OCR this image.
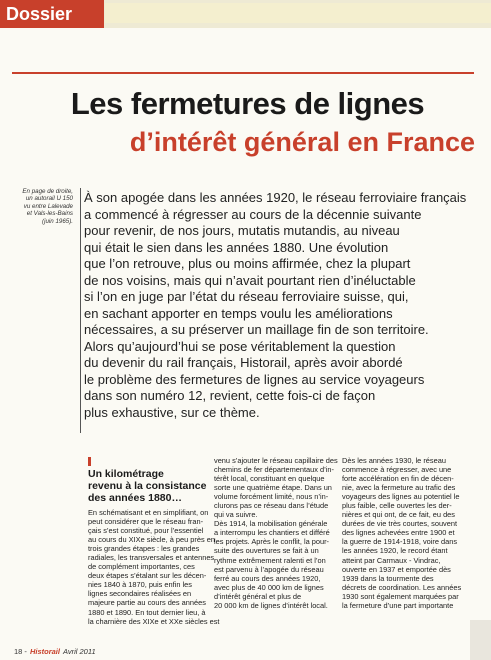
Dossier
Les fermetures de lignes
d’intérêt général en France
En page de droite,
un autorail U 150
vu entre Lalevade
et Vals-les-Bains
(juin 1965).
À son apogée dans les années 1920, le réseau ferroviaire français
a commencé à régresser au cours de la décennie suivante
pour revenir, de nos jours, mutatis mutandis, au niveau
qui était le sien dans les années 1880. Une évolution
que l’on retrouve, plus ou moins affirmée, chez la plupart
de nos voisins, mais qui n’avait pourtant rien d’inéluctable
si l’on en juge par l’état du réseau ferroviaire suisse, qui,
en sachant apporter en temps voulu les améliorations
nécessaires, a su préserver un maillage fin de son territoire.
Alors qu’aujourd’hui se pose véritablement la question
du devenir du rail français, Historail, après avoir abordé
le problème des fermetures de lignes au service voyageurs
dans son numéro 12, revient, cette fois-ci de façon
plus exhaustive, sur ce thème.
Un kilométrage
revenu à la consistance
des années 1880…
En schématisant et en simplifiant, on
peut considérer que le réseau fran-
çais s’est constitué, pour l’essentiel
au cours du XIXe siècle, à peu près en
trois grandes étapes : les grandes
radiales, les transversales et antennes
de complément importantes, ces
deux étapes s’étalant sur les décen-
nies 1840 à 1870, puis enfin les
lignes secondaires réalisées en
majeure partie au cours des années
1880 et 1890. En tout dernier lieu, à
la charnière des XIXe et XXe siècles est
venu s’ajouter le réseau capillaire des
chemins de fer départementaux d’in-
térêt local, constituant en quelque
sorte une quatrième étape. Dans un
volume forcément limité, nous n’in-
clurons pas ce réseau dans l’étude
qui va suivre.
Dès 1914, la mobilisation générale
a interrompu les chantiers et différé
les projets. Après le conflit, la pour-
suite des ouvertures se fait à un
rythme extrêmement ralenti et l’on
est parvenu à l’apogée du réseau
ferré au cours des années 1920,
avec plus de 40 000 km de lignes
d’intérêt général et plus de
20 000 km de lignes d’intérêt local.
Dès les années 1930, le réseau
commence à régresser, avec une
forte accélération en fin de décen-
nie, avec la fermeture au trafic des
voyageurs des lignes au potentiel le
plus faible, celle ouvertes les der-
nières et qui ont, de ce fait, eu des
durées de vie très courtes, souvent
des lignes achevées entre 1900 et
la guerre de 1914-1918, voire dans
les années 1920, le record étant
atteint par Carmaux - Vindrac,
ouverte en 1937 et emportée dès
1939 dans la tourmente des
décrets de coordination. Les années
1930 sont également marquées par
la fermeture d’une part importante
18 - Historail Avril 2011
